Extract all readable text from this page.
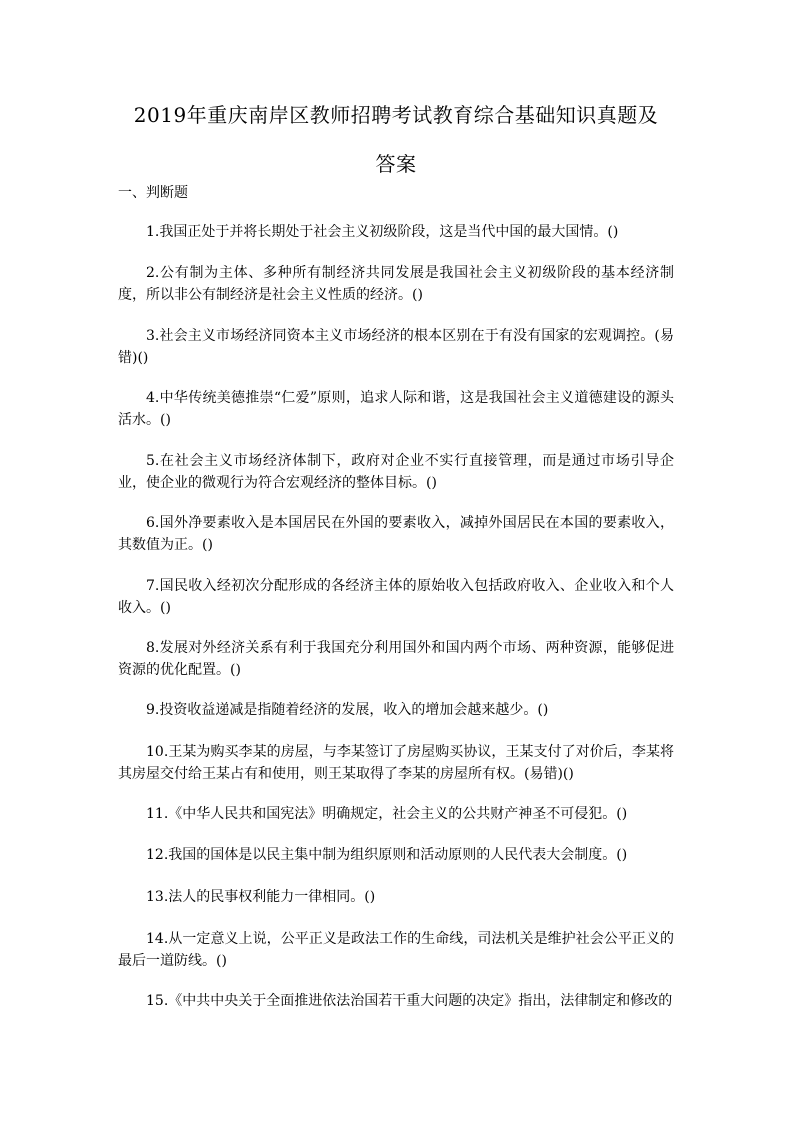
2019年重庆南岸区教师招聘考试教育综合基础知识真题及
答案

一、判断题

1.我国正处于并将长期处于社会主义初级阶段，这是当代中国的最大国情。()

2.公有制为主体、多种所有制经济共同发展是我国社会主义初级阶段的基本经济制度，所以非公有制经济是社会主义性质的经济。()

3.社会主义市场经济同资本主义市场经济的根本区别在于有没有国家的宏观调控。(易错)()

4.中华传统美德推崇“仁爱”原则，追求人际和谐，这是我国社会主义道德建设的源头活水。()

5.在社会主义市场经济体制下，政府对企业不实行直接管理，而是通过市场引导企业，使企业的微观行为符合宏观经济的整体目标。()

6.国外净要素收入是本国居民在外国的要素收入，减掉外国居民在本国的要素收入，其数值为正。()

7.国民收入经初次分配形成的各经济主体的原始收入包括政府收入、企业收入和个人收入。()

8.发展对外经济关系有利于我国充分利用国外和国内两个市场、两种资源，能够促进资源的优化配置。()

9.投资收益递减是指随着经济的发展，收入的增加会越来越少。()

10.王某为购买李某的房屋，与李某签订了房屋购买协议，王某支付了对价后，李某将其房屋交付给王某占有和使用，则王某取得了李某的房屋所有权。(易错)()

11.《中华人民共和国宪法》明确规定，社会主义的公共财产神圣不可侵犯。()

12.我国的国体是以民主集中制为组织原则和活动原则的人民代表大会制度。()

13.法人的民事权利能力一律相同。()

14.从一定意义上说，公平正义是政法工作的生命线，司法机关是维护社会公平正义的最后一道防线。()

15.《中共中央关于全面推进依法治国若干重大问题的决定》指出，法律制定和修改的
